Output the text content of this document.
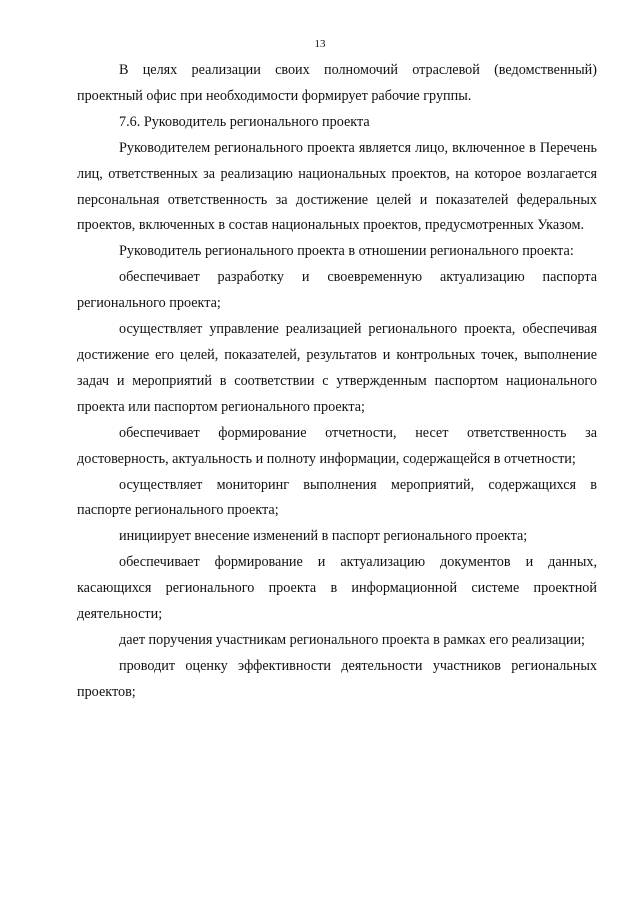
13

В целях реализации своих полномочий отраслевой (ведомственный) проектный офис при необходимости формирует рабочие группы.

7.6. Руководитель регионального проекта

Руководителем регионального проекта является лицо, включенное в Перечень лиц, ответственных за реализацию национальных проектов, на которое возлагается персональная ответственность за достижение целей и показателей федеральных проектов, включенных в состав национальных проектов, предусмотренных Указом.

Руководитель регионального проекта в отношении регионального проекта:

обеспечивает разработку и своевременную актуализацию паспорта регионального проекта;

осуществляет управление реализацией регионального проекта, обеспечивая достижение его целей, показателей, результатов и контрольных точек, выполнение задач и мероприятий в соответствии с утвержденным паспортом национального проекта или паспортом регионального проекта;

обеспечивает формирование отчетности, несет ответственность за достоверность, актуальность и полноту информации, содержащейся в отчетности;

осуществляет мониторинг выполнения мероприятий, содержащихся в паспорте регионального проекта;

инициирует внесение изменений в паспорт регионального проекта;

обеспечивает формирование и актуализацию документов и данных, касающихся регионального проекта в информационной системе проектной деятельности;

дает поручения участникам регионального проекта в рамках его реализации;

проводит оценку эффективности деятельности участников региональных проектов;
